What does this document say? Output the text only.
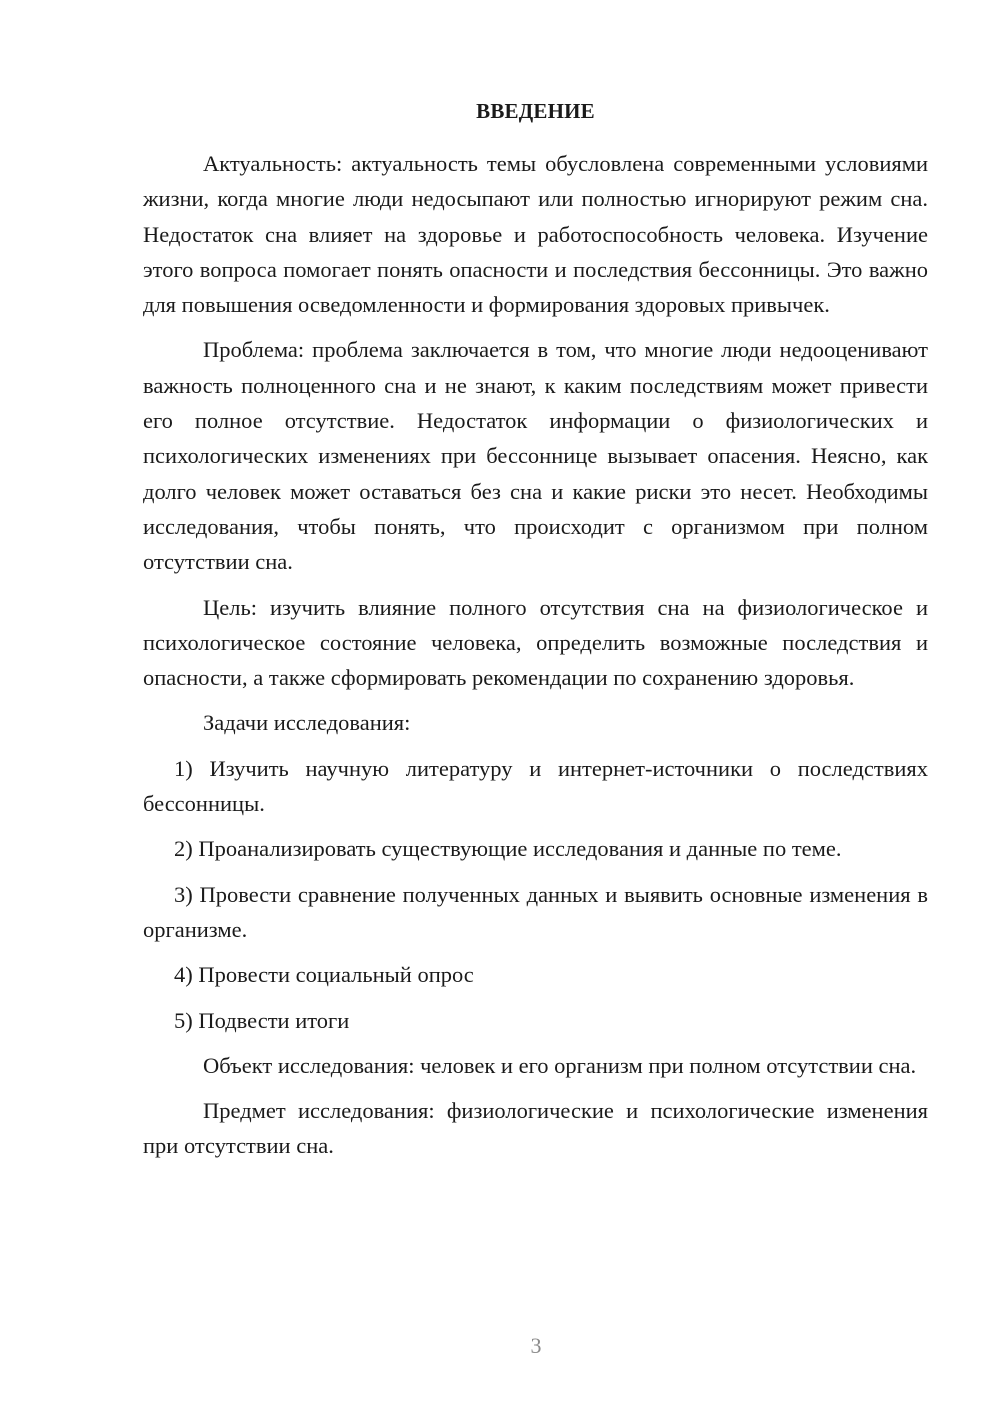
ВВЕДЕНИЕ

Актуальность: актуальность темы обусловлена современными условиями жизни, когда многие люди недосыпают или полностью игнорируют режим сна. Недостаток сна влияет на здоровье и работоспособность человека. Изучение этого вопроса помогает понять опасности и последствия бессонницы. Это важно для повышения осведомленности и формирования здоровых привычек.

Проблема: проблема заключается в том, что многие люди недооценивают важность полноценного сна и не знают, к каким последствиям может привести его полное отсутствие. Недостаток информации о физиологических и психологических изменениях при бессоннице вызывает опасения. Неясно, как долго человек может оставаться без сна и какие риски это несет. Необходимы исследования, чтобы понять, что происходит с организмом при полном отсутствии сна.

Цель: изучить влияние полного отсутствия сна на физиологическое и психологическое состояние человека, определить возможные последствия и опасности, а также сформировать рекомендации по сохранению здоровья.

Задачи исследования:

1) Изучить научную литературу и интернет-источники о последствиях бессонницы.

2) Проанализировать существующие исследования и данные по теме.

3) Провести сравнение полученных данных и выявить основные изменения в организме.

4) Провести социальный опрос

5) Подвести итоги

Объект исследования: человек и его организм при полном отсутствии сна.

Предмет исследования: физиологические и психологические изменения при отсутствии сна.

3
